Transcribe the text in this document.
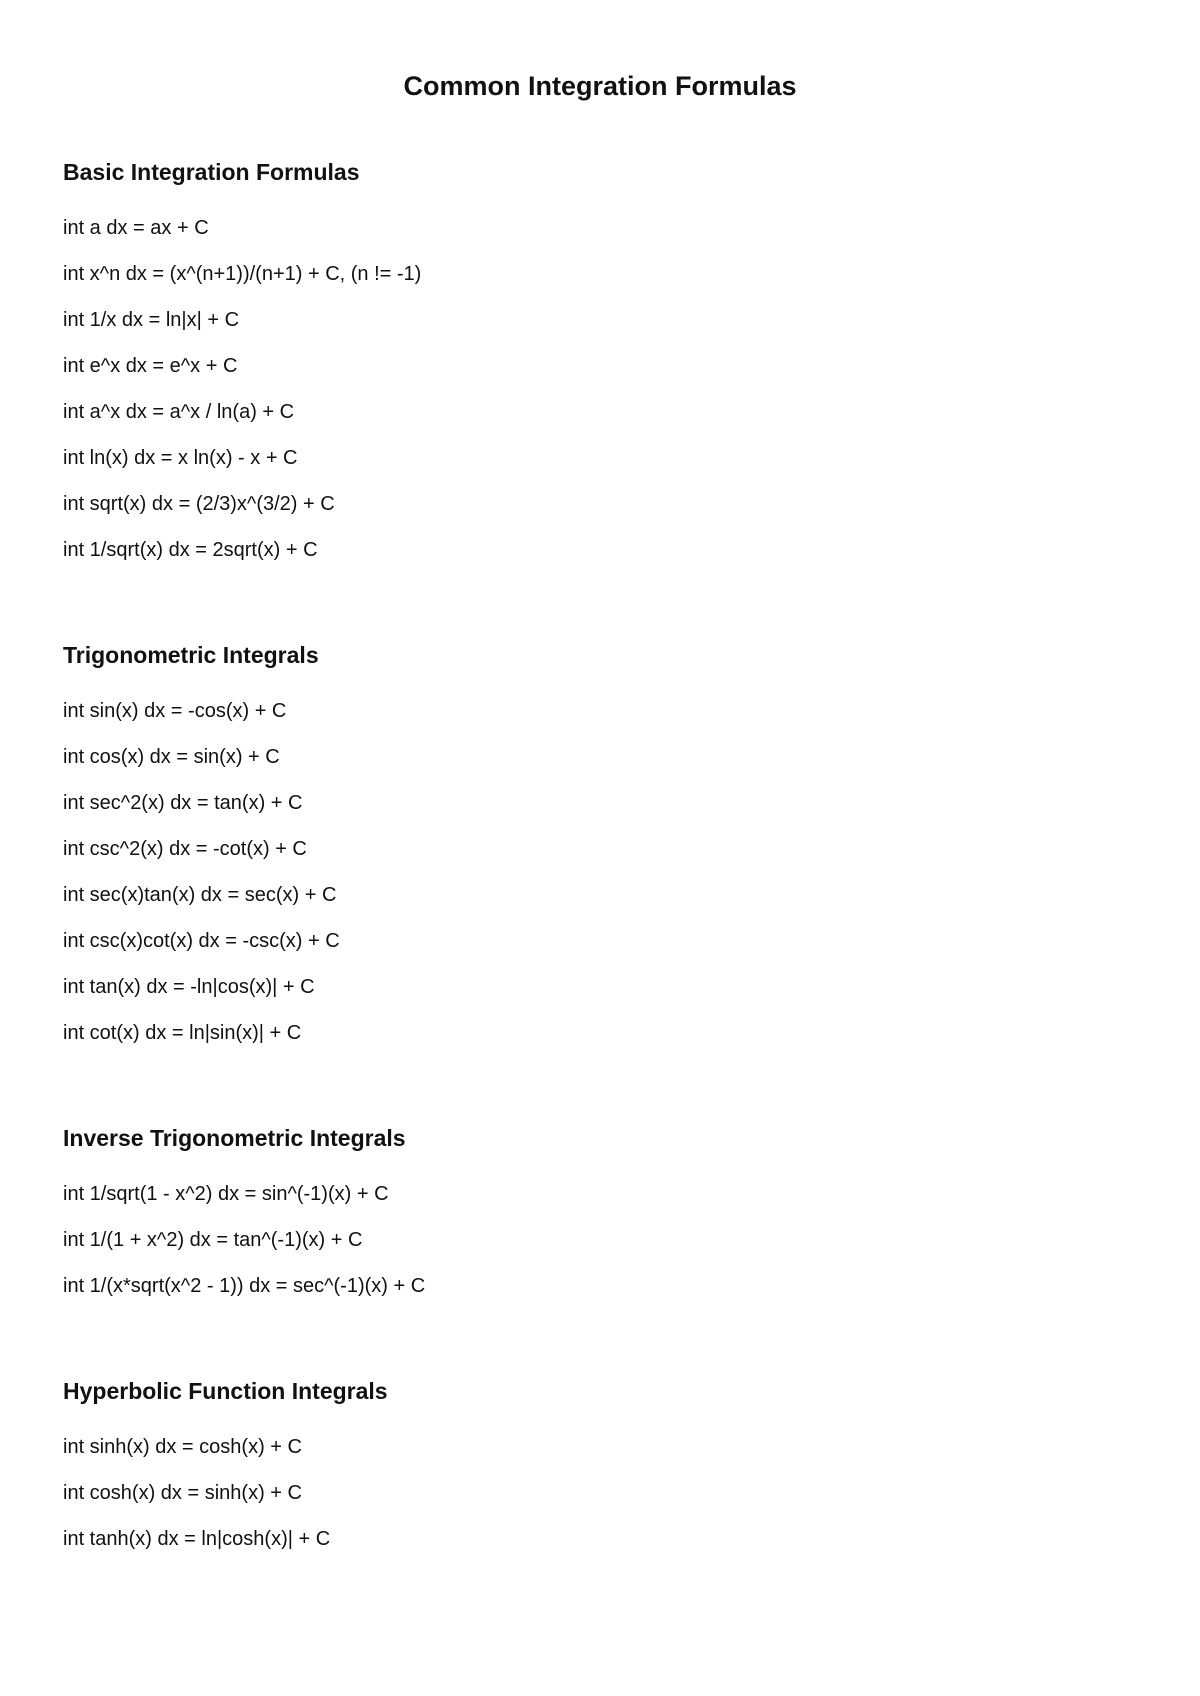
Common Integration Formulas
Basic Integration Formulas
int a dx = ax + C
int x^n dx = (x^(n+1))/(n+1) + C, (n != -1)
int 1/x dx = ln|x| + C
int e^x dx = e^x + C
int a^x dx = a^x / ln(a) + C
int ln(x) dx = x ln(x) - x + C
int sqrt(x) dx = (2/3)x^(3/2) + C
int 1/sqrt(x) dx = 2sqrt(x) + C
Trigonometric Integrals
int sin(x) dx = -cos(x) + C
int cos(x) dx = sin(x) + C
int sec^2(x) dx = tan(x) + C
int csc^2(x) dx = -cot(x) + C
int sec(x)tan(x) dx = sec(x) + C
int csc(x)cot(x) dx = -csc(x) + C
int tan(x) dx = -ln|cos(x)| + C
int cot(x) dx = ln|sin(x)| + C
Inverse Trigonometric Integrals
int 1/sqrt(1 - x^2) dx = sin^(-1)(x) + C
int 1/(1 + x^2) dx = tan^(-1)(x) + C
int 1/(x*sqrt(x^2 - 1)) dx = sec^(-1)(x) + C
Hyperbolic Function Integrals
int sinh(x) dx = cosh(x) + C
int cosh(x) dx = sinh(x) + C
int tanh(x) dx = ln|cosh(x)| + C
